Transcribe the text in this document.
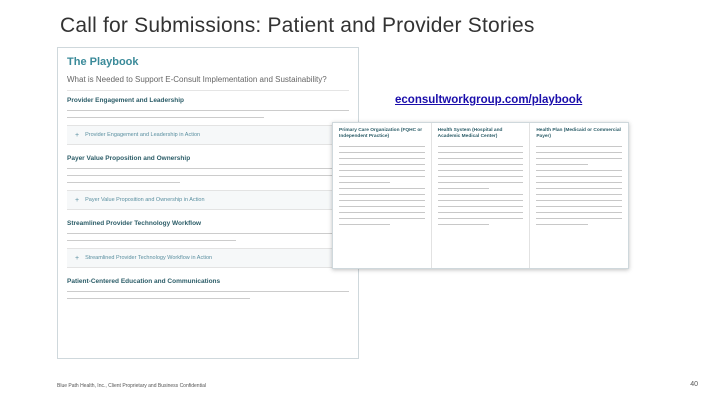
Call for Submissions: Patient and Provider Stories
The Playbook
What is Needed to Support E-Consult Implementation and Sustainability?
Provider Engagement and Leadership
+ Provider Engagement and Leadership in Action
Payer Value Proposition and Ownership
+ Payer Value Proposition and Ownership in Action
Streamlined Provider Technology Workflow
+ Streamlined Provider Technology Workflow in Action
Patient-Centered Education and Communications
econsultworkgroup.com/playbook
Primary Care Organization (FQHC or Independent Practice)
Health System (Hospital and Academic Medical Center)
Health Plan (Medicaid or Commercial Payer)
Blue Path Health, Inc., Client Proprietary and Business Confidential	40
